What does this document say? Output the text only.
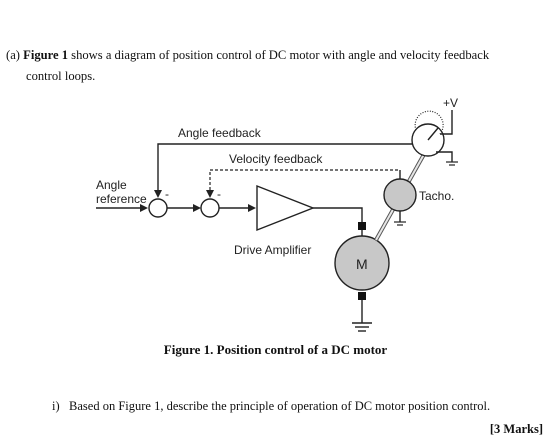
(a) Figure 1 shows a diagram of position control of DC motor with angle and velocity feedback
control loops.
+V
Angle feedback
Velocity feedback
Angle
reference -	-	Tacho.
Drive Amplifier
M
Figure 1. Position control of a DC motor
i) Based on Figure 1, describe the principle of operation of DC motor position control.
[3 Marks]
